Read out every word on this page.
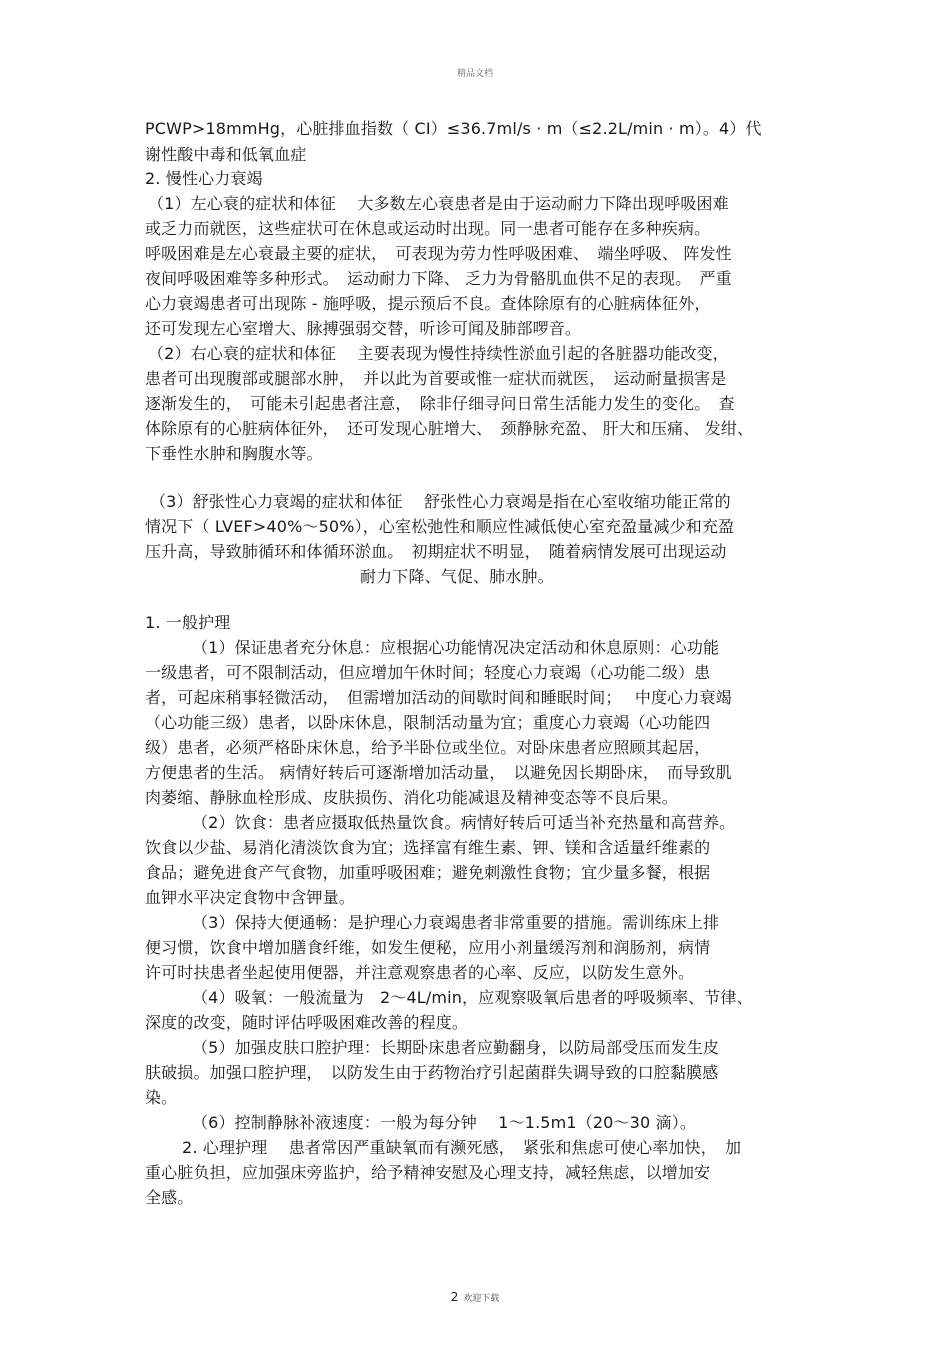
精品文档
PCWP>18mmHg，心脏排血指数（ CI）≤36.7ml/s · m（≤2.2L/min · m）。4）代
谢性酸中毒和低氧血症
2. 慢性心力衰竭
（1）左心衰的症状和体征　 大多数左心衰患者是由于运动耐力下降出现呼吸困难
或乏力而就医，这些症状可在休息或运动时出现。同一患者可能存在多种疾病。
呼吸困难是左心衰最主要的症状，　可表现为劳力性呼吸困难、　端坐呼吸、 阵发性
夜间呼吸困难等多种形式。　运动耐力下降、 乏力为骨骼肌血供不足的表现。　严重
心力衰竭患者可出现陈 - 施呼吸，提示预后不良。查体除原有的心脏病体征外，
还可发现左心室增大、脉搏强弱交替，听诊可闻及肺部啰音。
（2）右心衰的症状和体征　 主要表现为慢性持续性淤血引起的各脏器功能改变，
患者可出现腹部或腿部水肿，　并以此为首要或惟一症状而就医，　运动耐量损害是
逐渐发生的，　可能未引起患者注意，　除非仔细寻问日常生活能力发生的变化。　查
体除原有的心脏病体征外，　还可发现心脏增大、　颈静脉充盈、 肝大和压痛、 发绀、
下垂性水肿和胸腹水等。
（3）舒张性心力衰竭的症状和体征　 舒张性心力衰竭是指在心室收缩功能正常的
情况下（ LVEF>40%～50%），心室松弛性和顺应性减低使心室充盈量减少和充盈
压升高，导致肺循环和体循环淤血。　初期症状不明显，　随着病情发展可出现运动
耐力下降、气促、肺水肿。
1. 一般护理
（1）保证患者充分休息：应根据心功能情况决定活动和休息原则：心功能
一级患者，可不限制活动，但应增加午休时间；轻度心力衰竭（心功能二级）患
者，可起床稍事轻微活动，　但需增加活动的间歇时间和睡眠时间；　 中度心力衰竭
（心功能三级）患者，以卧床休息，限制活动量为宜；重度心力衰竭（心功能四
级）患者，必须严格卧床休息，给予半卧位或坐位。对卧床患者应照顾其起居，
方便患者的生活。 病情好转后可逐渐增加活动量，　以避免因长期卧床，　而导致肌
肉萎缩、静脉血栓形成、皮肤损伤、消化功能减退及精神变态等不良后果。
（2）饮食：患者应摄取低热量饮食。病情好转后可适当补充热量和高营养。
饮食以少盐、易消化清淡饮食为宜；选择富有维生素、钾、镁和含适量纤维素的
食品；避免进食产气食物，加重呼吸困难；避免刺激性食物；宜少量多餐，根据
血钾水平决定食物中含钾量。
（3）保持大便通畅：是护理心力衰竭患者非常重要的措施。需训练床上排
便习惯，饮食中增加膳食纤维，如发生便秘，应用小剂量缓泻剂和润肠剂，病情
许可时扶患者坐起使用便器，并注意观察患者的心率、反应，以防发生意外。
（4）吸氧：一般流量为　2～4L/min，应观察吸氧后患者的呼吸频率、节律、
深度的改变，随时评估呼吸困难改善的程度。
（5）加强皮肤口腔护理：长期卧床患者应勤翻身，以防局部受压而发生皮
肤破损。加强口腔护理，　以防发生由于药物治疗引起菌群失调导致的口腔黏膜感
染。
（6）控制静脉补液速度：一般为每分钟　 1～1.5m1（20～30 滴）。
2. 心理护理　 患者常因严重缺氧而有濒死感，　紧张和焦虑可使心率加快，　加
重心脏负担，应加强床旁监护，给予精神安慰及心理支持，减轻焦虑，以增加安
全感。
2 欢迎下载
